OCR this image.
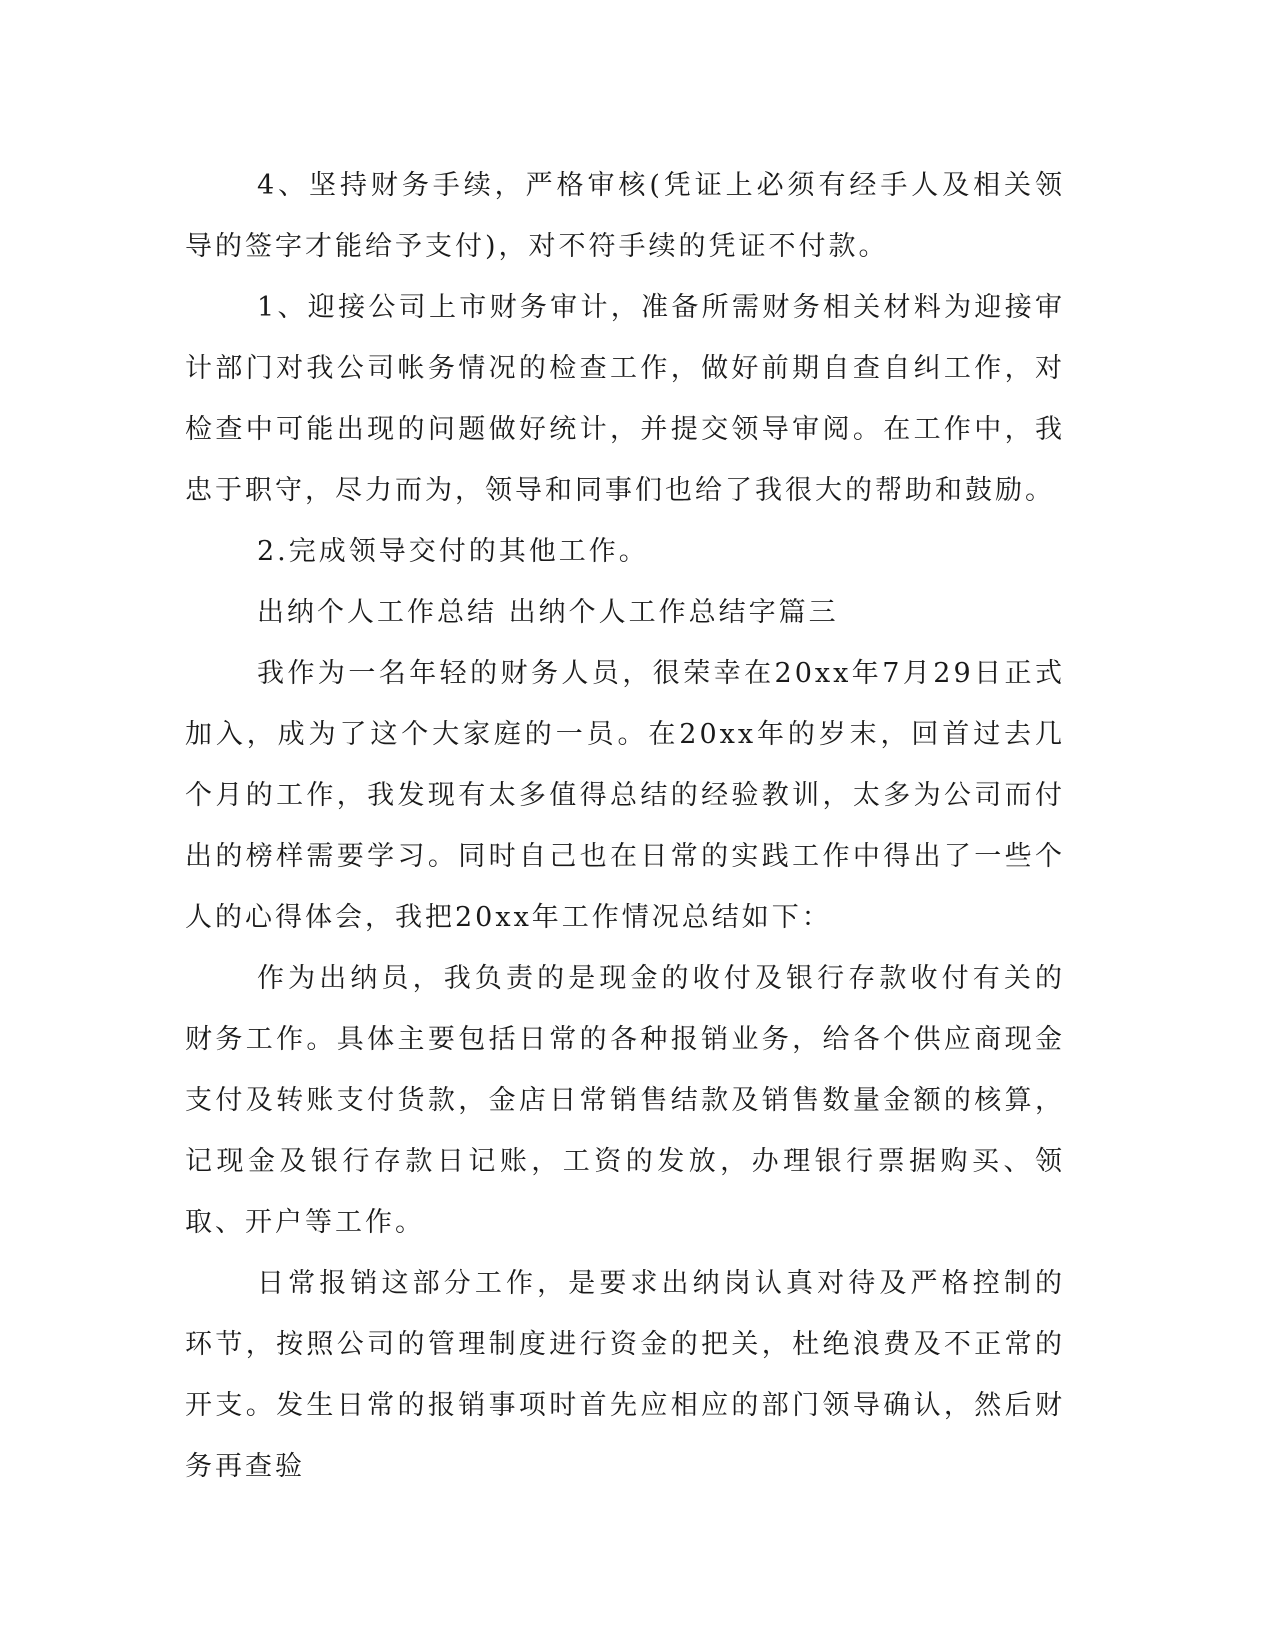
4、坚持财务手续，严格审核(凭证上必须有经手人及相关领导的签字才能给予支付)，对不符手续的凭证不付款。

1、迎接公司上市财务审计，准备所需财务相关材料为迎接审计部门对我公司帐务情况的检查工作，做好前期自查自纠工作，对检查中可能出现的问题做好统计，并提交领导审阅。在工作中，我忠于职守，尽力而为，领导和同事们也给了我很大的帮助和鼓励。

2.完成领导交付的其他工作。

出纳个人工作总结 出纳个人工作总结字篇三

我作为一名年轻的财务人员，很荣幸在20xx年7月29日正式加入，成为了这个大家庭的一员。在20xx年的岁末，回首过去几个月的工作，我发现有太多值得总结的经验教训，太多为公司而付出的榜样需要学习。同时自己也在日常的实践工作中得出了一些个人的心得体会，我把20xx年工作情况总结如下：

作为出纳员，我负责的是现金的收付及银行存款收付有关的财务工作。具体主要包括日常的各种报销业务，给各个供应商现金支付及转账支付货款，金店日常销售结款及销售数量金额的核算，记现金及银行存款日记账，工资的发放，办理银行票据购买、领取、开户等工作。

日常报销这部分工作，是要求出纳岗认真对待及严格控制的环节，按照公司的管理制度进行资金的把关，杜绝浪费及不正常的开支。发生日常的报销事项时首先应相应的部门领导确认，然后财务再查验
